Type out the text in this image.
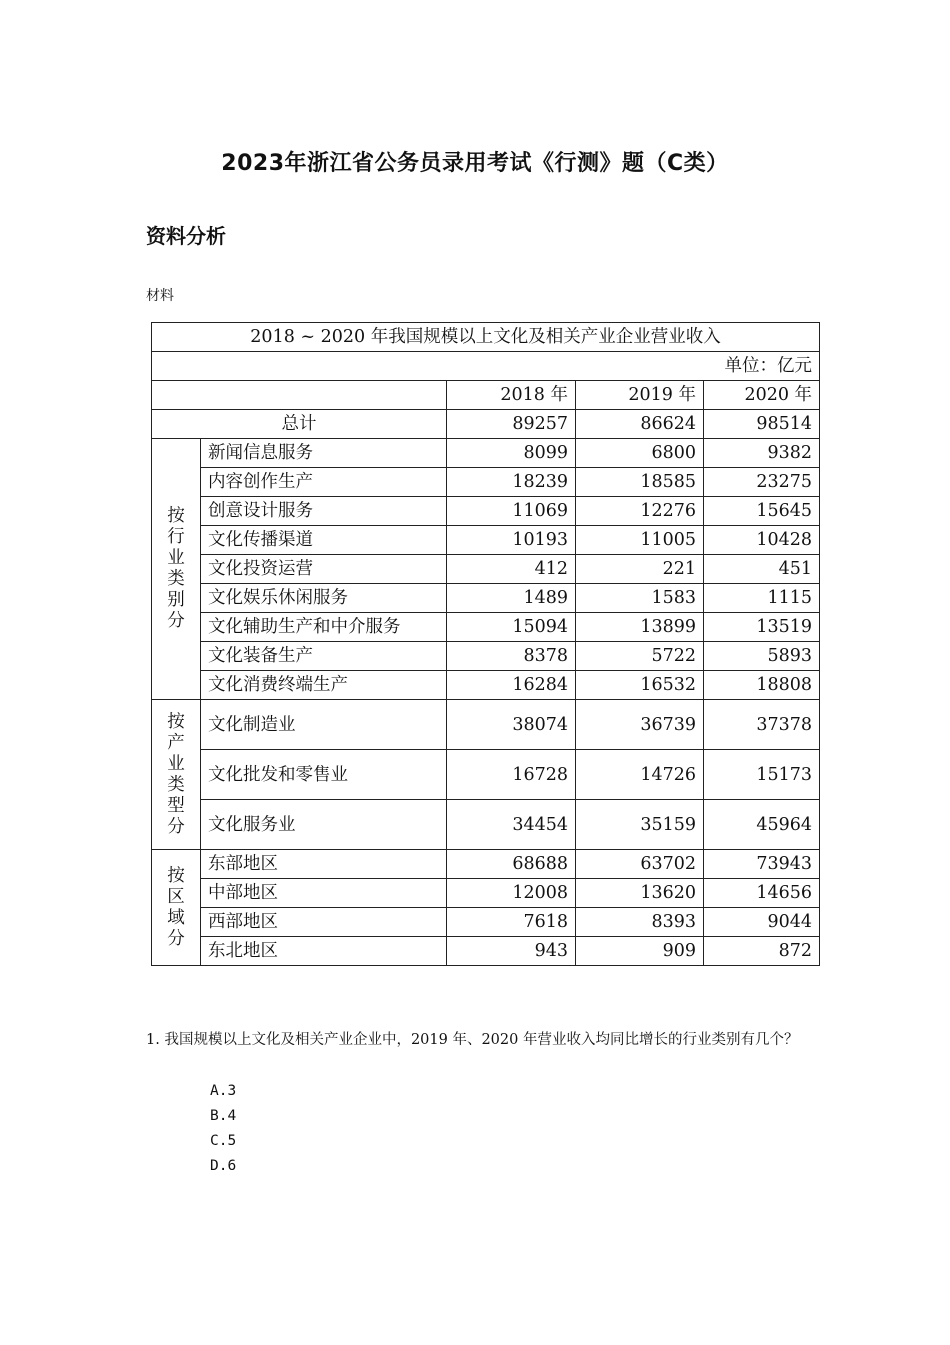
2023年浙江省公务员录用考试《行测》题（C类）
资料分析
材料
2018 ~ 2020 年我国规模以上文化及相关产业企业营业收入				
单位：亿元				
		2018 年	2019 年	2020 年
总计		89257	86624	98514
按行业类别分	新闻信息服务	8099	6800	9382
	内容创作生产	18239	18585	23275
	创意设计服务	11069	12276	15645
	文化传播渠道	10193	11005	10428
	文化投资运营	412	221	451
	文化娱乐休闲服务	1489	1583	1115
	文化辅助生产和中介服务	15094	13899	13519
	文化装备生产	8378	5722	5893
	文化消费终端生产	16284	16532	18808
按产业类型分	文化制造业	38074	36739	37378
	文化批发和零售业	16728	14726	15173
	文化服务业	34454	35159	45964
按区域分	东部地区	68688	63702	73943
	中部地区	12008	13620	14656
	西部地区	7618	8393	9044
	东北地区	943	909	872
1. 我国规模以上文化及相关产业企业中，2019 年、2020 年营业收入均同比增长的行业类别有几个？
A.3
B.4
C.5
D.6
